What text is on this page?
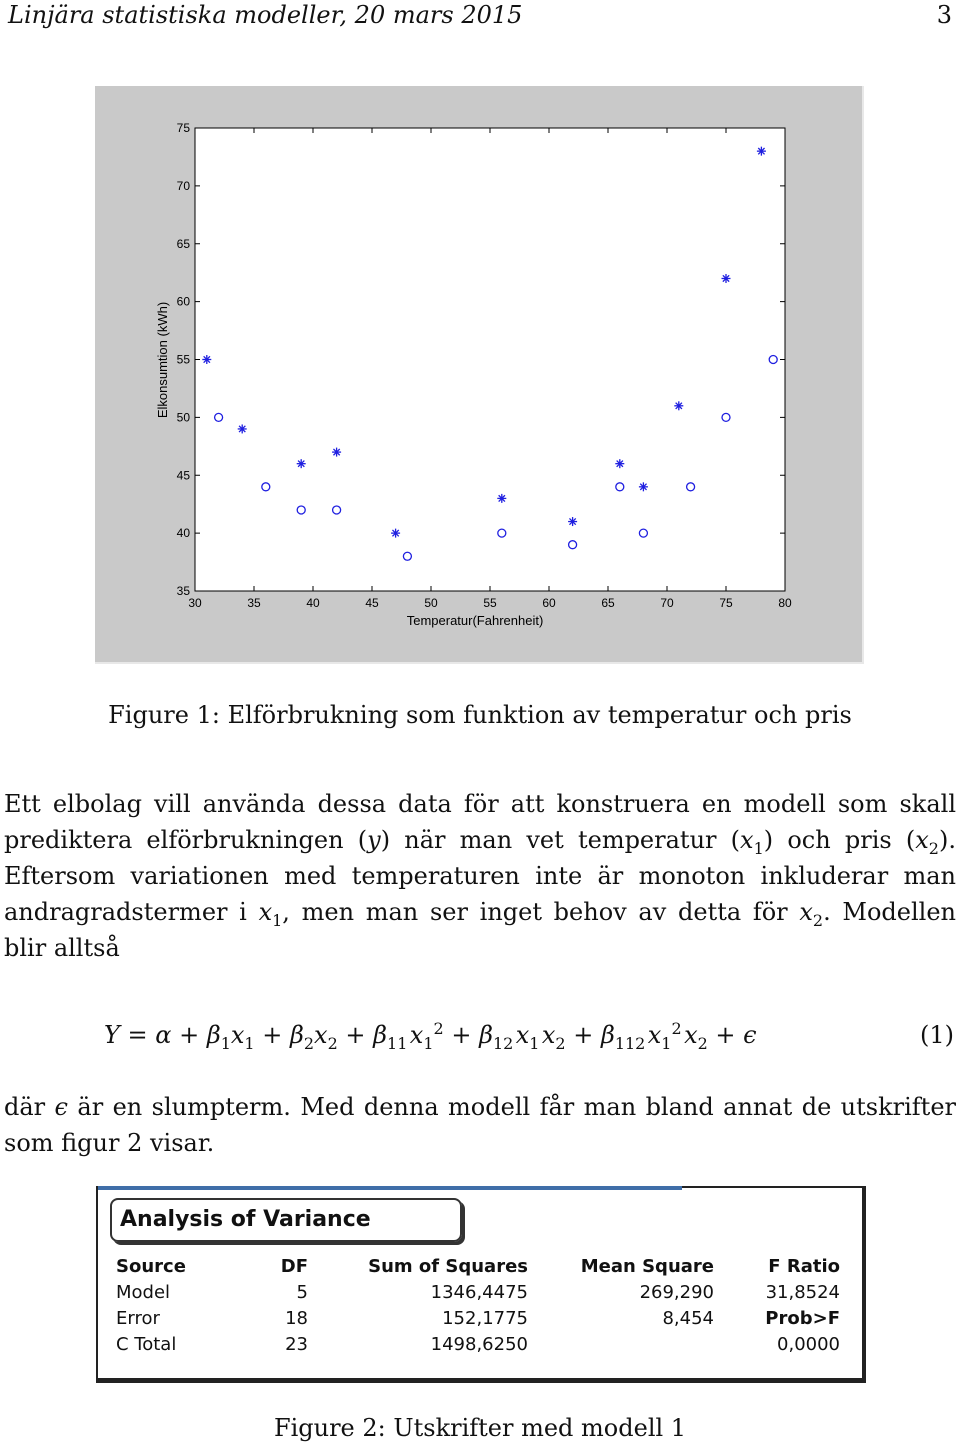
Linjära statistiska modeller, 20 mars 2015	3
30	35	40	45	50	55	60	65	70	75	80
35
40
45
50
55
60
65
70
75
Temperatur(Fahrenheit)
Elkonsumtion (kWh)
Figure 1: Elförbrukning som funktion av temperatur och pris

Ett elbolag vill använda dessa data för att konstruera en modell som skall prediktera elförbrukningen (y) när man vet temperatur $(x_1)$ och pris $(x_2)$. Eftersom variationen med temperaturen inte är monoton inkluderar man andragradstermer i $x_1$, men man ser inget behov av detta för $x_2$. Modellen blir alltså

$Y = \alpha + \beta_1x_1 + \beta_2x_2 + \beta_{11}$ $x_1^2 + \beta_{12}$ $x_1$ $x_2 + \beta_{112}$ $x_1^2$ $x_2 + \epsilon$	(1)

där ϵ är en slumpterm. Med denna modell får man bland annat de utskrifter som figur 2 visar.

Analysis of Variance
Source	DF	Sum of Squares	Mean Square	F Ratio
Model	5	1346,4475	269,290	31,8524
Error	18	152,1775	8,454	Prob>F
C Total	23	1498,6250		0,0000
Figure 2: Utskrifter med modell 1
